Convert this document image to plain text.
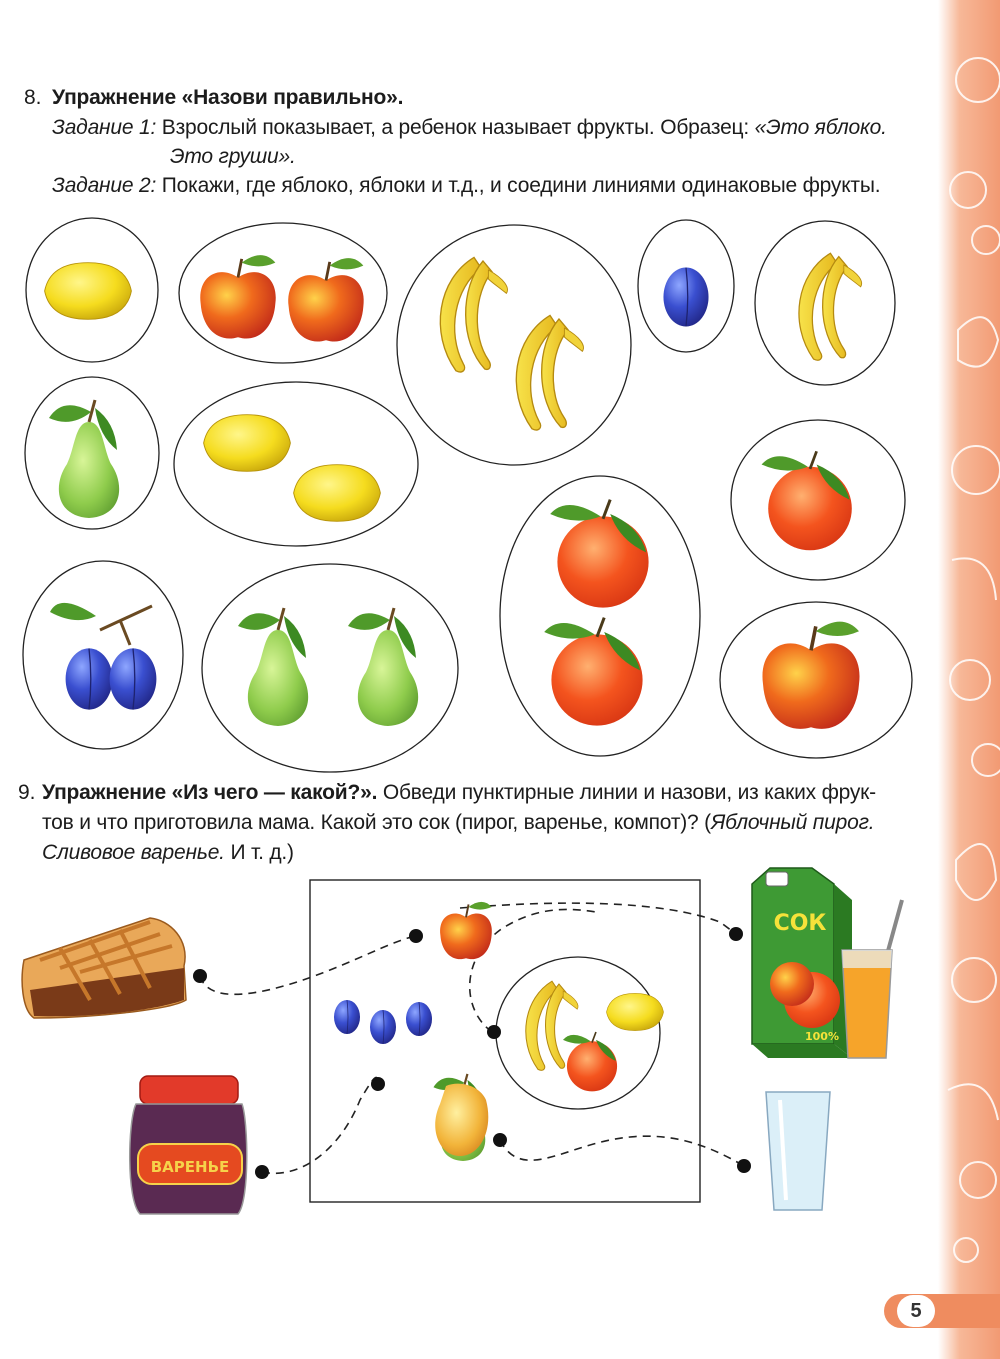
8. Упражнение «Назови правильно».
Задание 1: Взрослый показывает, а ребенок называет фрукты. Образец: «Это яблоко.
Это груши».
Задание 2: Покажи, где яблоко, яблоки и т.д., и соедини линиями одинаковые фрукты.
9. Упражнение «Из чего — какой?». Обведи пунктирные линии и назови, из каких фрук-
тов и что приготовила мама. Какой это сок (пирог, варенье, компот)? (Яблочный пирог.
Сливовое варенье. И т. д.)
СОК
100%
ВАРЕНЬЕ
5
